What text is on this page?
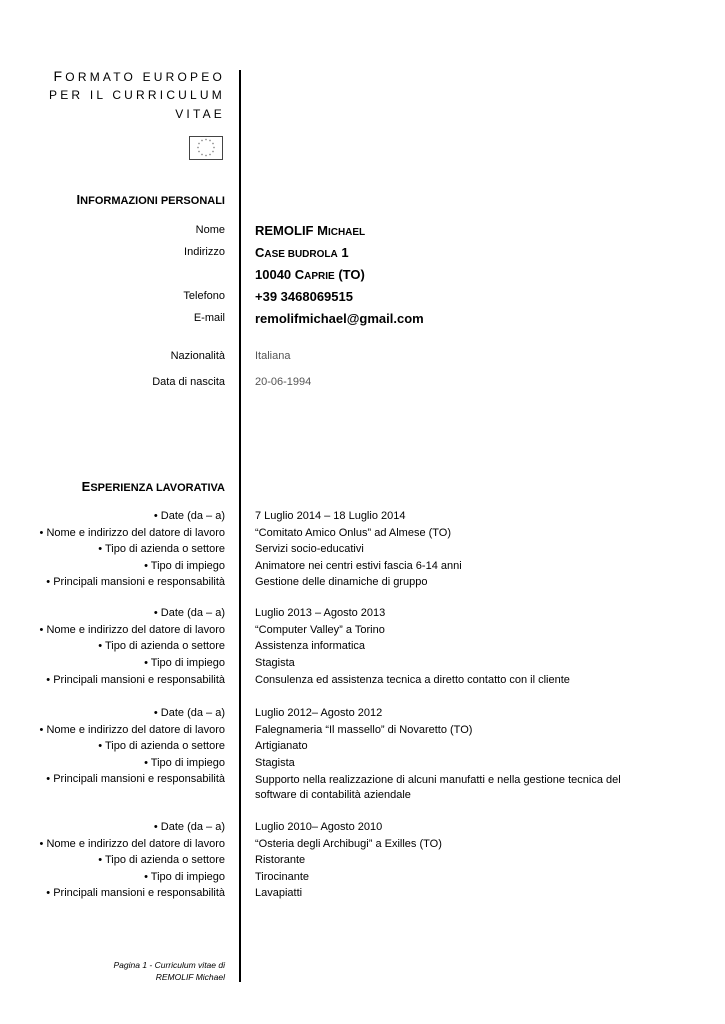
FORMATO EUROPEO
PER IL CURRICULUM
VITAE
* *
*
*
*
*
*
*
*
*
*
*
INFORMAZIONI PERSONALI
Nome REMOLIF MICHAEL
Indirizzo CASE BUDROLA 1
10040 CAPRIE (TO)
Telefono +39 3468069515
E-mail remolifmichael@gmail.com
Nazionalità	Italiana
Data di nascita	20-06-1994
ESPERIENZA LAVORATIVA
• Date (da – a)	7 Luglio 2014 – 18 Luglio 2014
• Nome e indirizzo del datore di lavoro	“Comitato Amico Onlus” ad Almese (TO)
• Tipo di azienda o settore	Servizi socio-educativi
• Tipo di impiego	Animatore nei centri estivi fascia 6-14 anni
• Principali mansioni e responsabilità	Gestione delle dinamiche di gruppo
• Date (da – a)	Luglio 2013 – Agosto 2013
• Nome e indirizzo del datore di lavoro	“Computer Valley” a Torino
• Tipo di azienda o settore	Assistenza informatica
• Tipo di impiego	Stagista
• Principali mansioni e responsabilità	Consulenza ed assistenza tecnica a diretto contatto con il cliente
• Date (da – a)	Luglio 2012– Agosto 2012
• Nome e indirizzo del datore di lavoro	Falegnameria “Il massello” di Novaretto (TO)
• Tipo di azienda o settore	Artigianato
• Tipo di impiego	Stagista
• Principali mansioni e responsabilità	Supporto nella realizzazione di alcuni manufatti e nella gestione tecnica del software di contabilità aziendale
• Date (da – a)	Luglio 2010– Agosto 2010
• Nome e indirizzo del datore di lavoro	“Osteria degli Archibugi” a Exilles (TO)
• Tipo di azienda o settore	Ristorante
• Tipo di impiego	Tirocinante
• Principali mansioni e responsabilità	Lavapiatti
Pagina 1 - Curriculum vitae di
REMOLIF Michael
